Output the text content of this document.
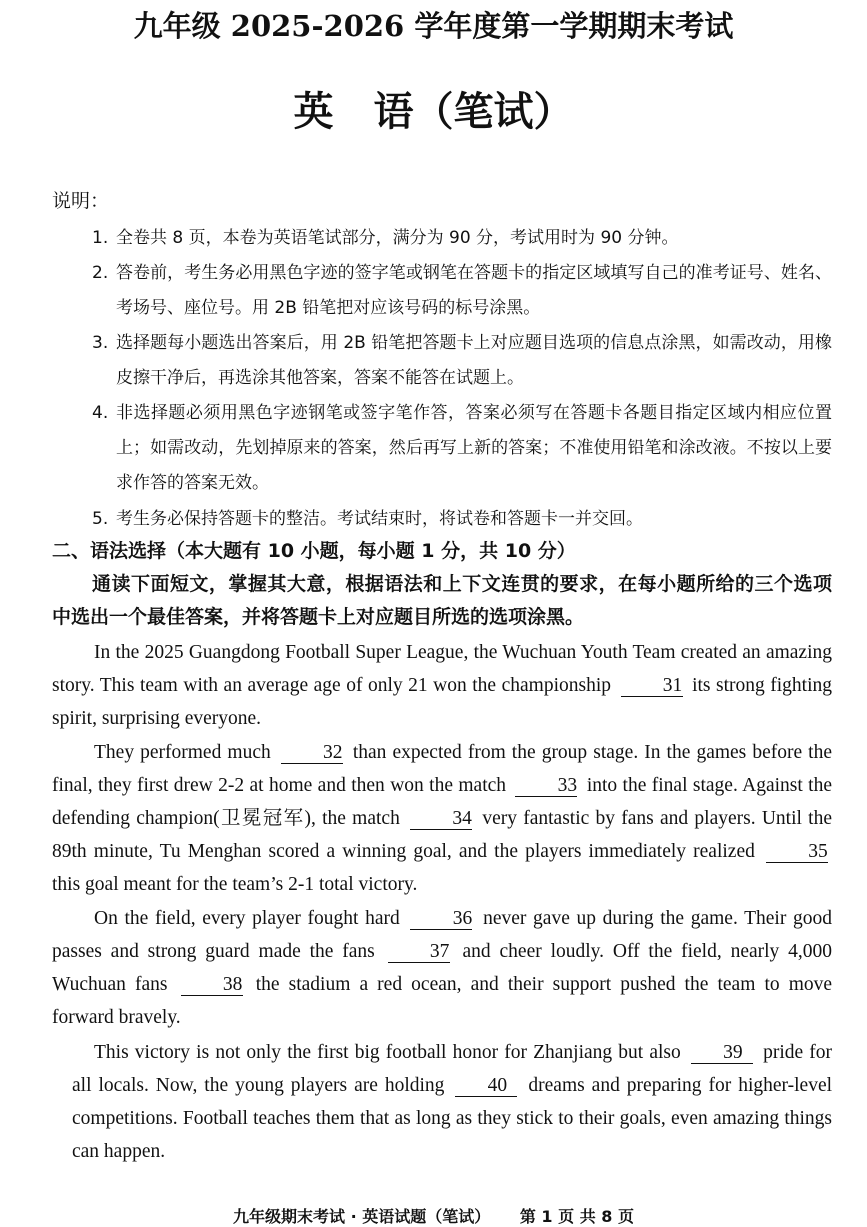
九年级 2025-2026 学年度第一学期期末考试
英　语（笔试）
说明：
1. 全卷共 8 页，本卷为英语笔试部分，满分为 90 分，考试用时为 90 分钟。
2. 答卷前，考生务必用黑色字迹的签字笔或钢笔在答题卡的指定区域填写自己的准考证号、姓名、考场号、座位号。用 2B 铅笔把对应该号码的标号涂黑。
3. 选择题每小题选出答案后，用 2B 铅笔把答题卡上对应题目选项的信息点涂黑，如需改动，用橡皮擦干净后，再选涂其他答案，答案不能答在试题上。
4. 非选择题必须用黑色字迹钢笔或签字笔作答，答案必须写在答题卡各题目指定区域内相应位置上；如需改动，先划掉原来的答案，然后再写上新的答案；不准使用铅笔和涂改液。不按以上要求作答的答案无效。
5. 考生务必保持答题卡的整洁。考试结束时，将试卷和答题卡一并交回。
二、语法选择（本大题有 10 小题，每小题 1 分，共 10 分）
通读下面短文，掌握其大意，根据语法和上下文连贯的要求，在每小题所给的三个选项中选出一个最佳答案，并将答题卡上对应题目所选的选项涂黑。
In the 2025 Guangdong Football Super League, the Wuchuan Youth Team created an amazing story. This team with an average age of only 21 won the championship	31 its strong fighting spirit, surprising everyone.
They performed much	32 than expected from the group stage. In the games before the final, they first drew 2-2 at home and then won the match	33 into the final stage. Against the defending champion(卫冕冠军), the match	34 very fantastic by fans and players. Until the 89th minute, Tu Menghan scored a winning goal, and the players immediately realized	35 this goal meant for the team’s 2-1 total victory.
On the field, every player fought hard	36 never gave up during the game. Their good passes and strong guard made the fans	37 and cheer loudly. Off the field, nearly 4,000 Wuchuan fans	38 the stadium a red ocean, and their support pushed the team to move forward bravely.
This victory is not only the first big football honor for Zhanjiang but also 39 pride for all locals. Now, the young players are holding 40 dreams and preparing for higher-level competitions. Football teaches them that as long as they stick to their goals, even amazing things can happen.
九年级期末考试 · 英语试题（笔试） 第 1 页 共 8 页
